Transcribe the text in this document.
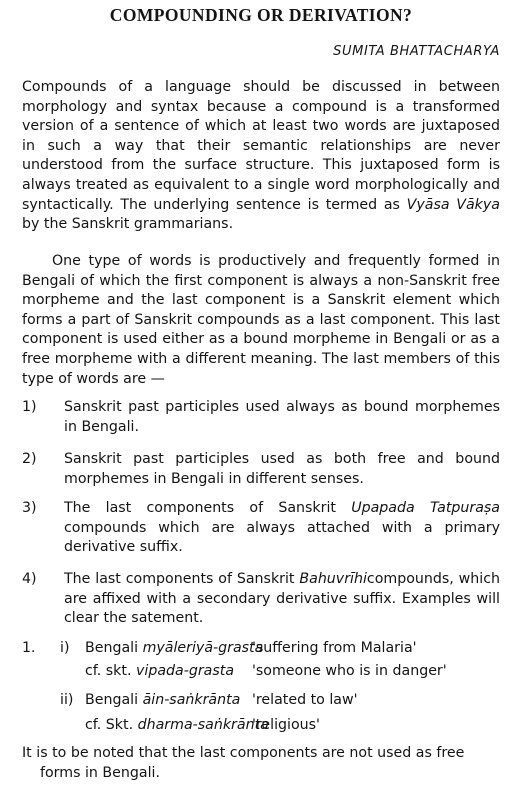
COMPOUNDING OR DERIVATION?
SUMITA BHATTACHARYA

Compounds of a language should be discussed in between morphology and syntax because a compound is a transformed version of a sentence of which at least two words are juxtaposed in such a way that their semantic relationships are never understood from the surface structure. This juxtaposed form is always treated as equivalent to a single word morphologically and syntactically. The underlying sentence is termed as Vyāsa Vākya by the Sanskrit grammarians.

One type of words is productively and frequently formed in Bengali of which the first component is always a non-Sanskrit free morpheme and the last component is a Sanskrit element which forms a part of Sanskrit compounds as a last component. This last component is used either as a bound morpheme in Bengali or as a free morpheme with a different meaning. The last members of this type of words are —

1) Sanskrit past participles used always as bound morphemes in Bengali.
2) Sanskrit past participles used as both free and bound morphemes in Bengali in different senses.
3) The last components of Sanskrit Upapada Tatpuraṣa compounds which are always attached with a primary derivative suffix.
4) The last components of Sanskrit Bahuvrīhicompounds, which are affixed with a secondary derivative suffix. Examples will clear the satement.
1. i) Bengali myāleriyā-grasta
'suffering from Malaria'
cf. skt. vipada-grasta 'someone who is in danger'
ii) Bengali āin-saṅkrānta 'related to law'
cf. Skt. dharma-saṅkrānta
'religious'
It is to be noted that the last components are not used as free forms in Bengali.
